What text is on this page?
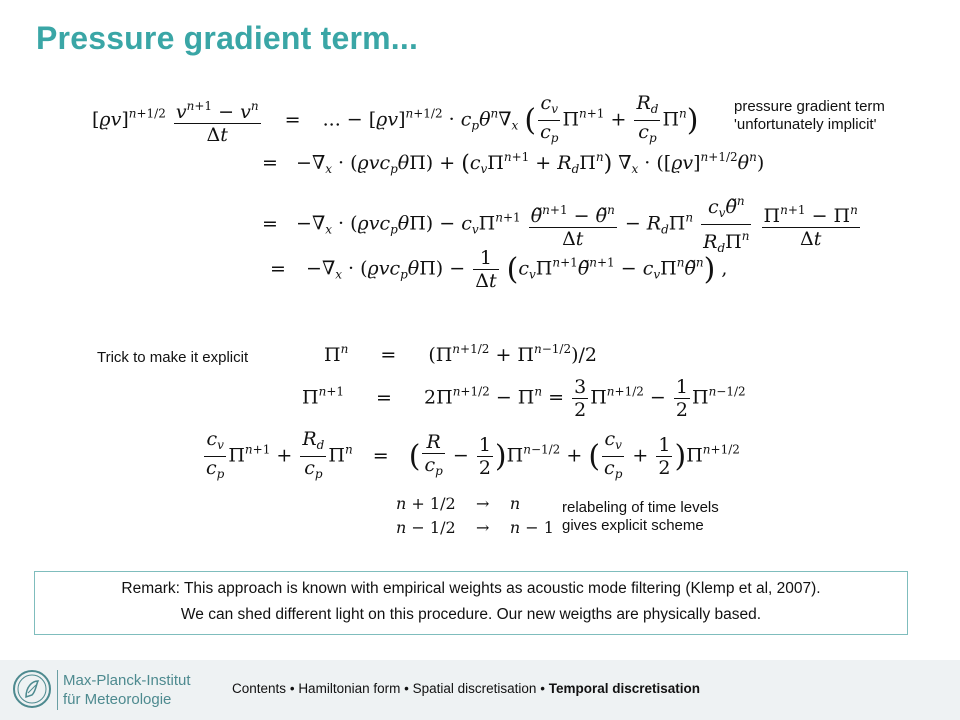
Pressure gradient term...
pressure gradient term
'unfortunately implicit'
$[ϱv]^{n+1/2} \frac{v^{n+1} - v^n}{\Delta t}$ = ... − $[ϱv]^{n+1/2} \cdot c_p\theta^n\nabla_x$ ( $\frac{c_v}{c_p} \Pi^{n+1} + \frac{R_d}{c_p} \Pi^n$)
= $-\nabla_x \cdot (ϱvc_p\theta\Pi) + (c_v\Pi^{n+1} + R_d\Pi^n) \nabla_x \cdot ([ϱv]^{n+1/2}\theta^n)$
= $-\nabla_x \cdot (ϱvc_p\theta\Pi) - c_v\Pi^{n+1} \frac{\thetã^{n+1} - \thetã^n}{\Delta t} - R_d\Pi^n \frac{c_v\thetã^n}{R_d\Pi^n}$
$\frac{\Pi^{n+1} - \Pi^n}{\Delta t}$
= $-\nabla_x \cdot (ϱvc_p\theta\Pi) - \frac{1}{\Delta t}$ ($c_v\Pi^{n+1}\thetã^{n+1}$ − $c_v\Pi^n\thetã^n$) ,
Trick to make it explicit	$\Pi^n = (\Pi^{n+1/2} + \Pi^{n-1/2})/2$
$\Pi^{n+1} = 2\Pi^{n+1/2} - \Pi^n = \frac{3}{2} \Pi^{n+1/2} - \frac{1}{2} \Pi^{n-1/2}$
$\frac{c_v}{c_p} \Pi^{n+1} + \frac{R_d}{c_p} \Pi^n$ = ( $\frac{R}{c_p} - \frac{1}{2} )\Pi^{n-1/2}$ + ( $\frac{c_v}{c_p} + \frac{1}{2} )\Pi^{n+1/2}$
n + 1/2 → n
n − 1/2 → n − 1
relabeling of time levels
gives explicit scheme
Remark: This approach is known with empirical weights as acoustic mode filtering (Klemp et al, 2007).
We can shed different light on this procedure. Our new weigths are physically based.
Max-Planck-Institut
für Meteorologie
Contents • Hamiltonian form • Spatial discretisation • Temporal discretisation
